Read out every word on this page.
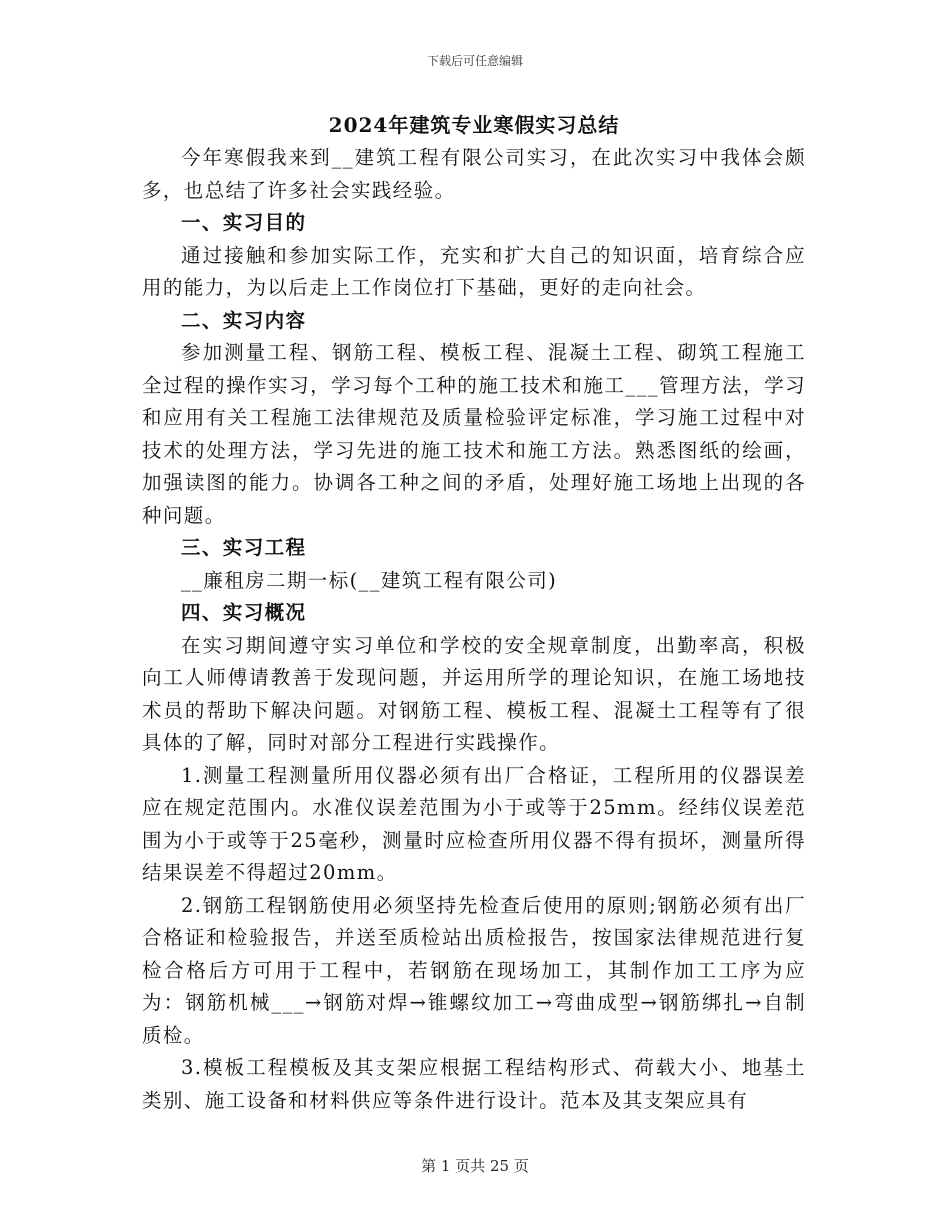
下载后可任意编辑
2024年建筑专业寒假实习总结

今年寒假我来到__建筑工程有限公司实习，在此次实习中我体会颇多，也总结了许多社会实践经验。

一、实习目的

通过接触和参加实际工作，充实和扩大自己的知识面，培育综合应用的能力，为以后走上工作岗位打下基础，更好的走向社会。

二、实习内容

参加测量工程、钢筋工程、模板工程、混凝土工程、砌筑工程施工全过程的操作实习，学习每个工种的施工技术和施工___管理方法，学习和应用有关工程施工法律规范及质量检验评定标准，学习施工过程中对技术的处理方法，学习先进的施工技术和施工方法。熟悉图纸的绘画，加强读图的能力。协调各工种之间的矛盾，处理好施工场地上出现的各种问题。

三、实习工程

__廉租房二期一标(__建筑工程有限公司)

四、实习概况

在实习期间遵守实习单位和学校的安全规章制度，出勤率高，积极向工人师傅请教善于发现问题，并运用所学的理论知识，在施工场地技术员的帮助下解决问题。对钢筋工程、模板工程、混凝土工程等有了很具体的了解，同时对部分工程进行实践操作。

1.测量工程测量所用仪器必须有出厂合格证，工程所用的仪器误差应在规定范围内。水准仪误差范围为小于或等于25mm。经纬仪误差范围为小于或等于25毫秒，测量时应检查所用仪器不得有损坏，测量所得结果误差不得超过20mm。

2.钢筋工程钢筋使用必须坚持先检查后使用的原则;钢筋必须有出厂合格证和检验报告，并送至质检站出质检报告，按国家法律规范进行复检合格后方可用于工程中，若钢筋在现场加工，其制作加工工序为应为：钢筋机械___→钢筋对焊→锥螺纹加工→弯曲成型→钢筋绑扎→自制质检。

3.模板工程模板及其支架应根据工程结构形式、荷载大小、地基土类别、施工设备和材料供应等条件进行设计。范本及其支架应具有

第 1 页共 25 页
